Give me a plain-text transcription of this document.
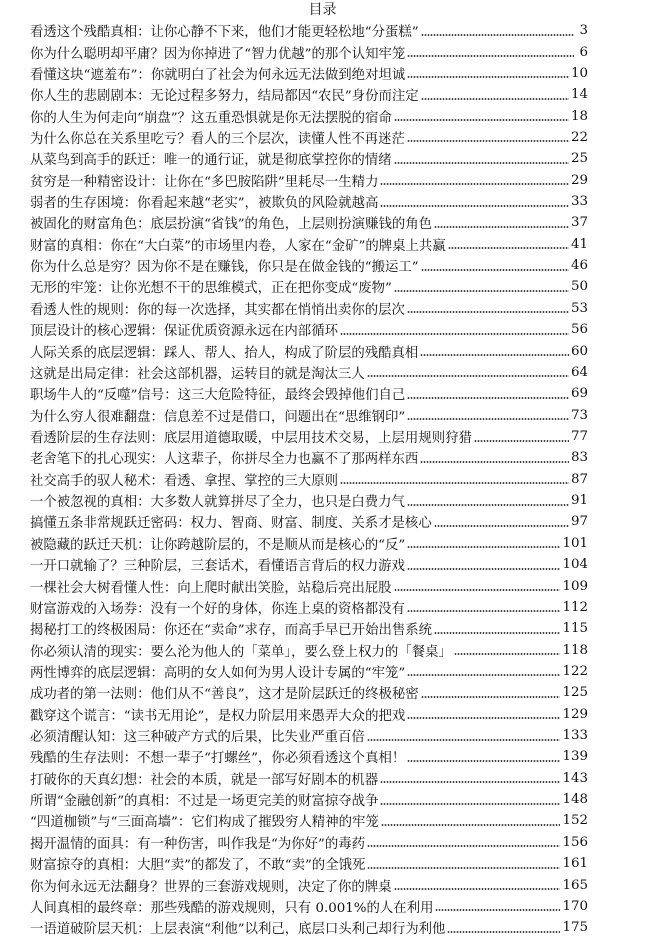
目录
看透这个残酷真相：让你心静不下来，他们才能更轻松地“分蛋糕”	3
你为什么聪明却平庸？因为你掉进了“智力优越”的那个认知牢笼	6
看懂这块“遮羞布”：你就明白了社会为何永远无法做到绝对坦诚	10
你人生的悲剧剧本：无论过程多努力，结局都因“农民”身份而注定	14
你的人生为何走向“崩盘”？这五重恐惧就是你无法摆脱的宿命	18
为什么你总在关系里吃亏？看人的三个层次，读懂人性不再迷茫	22
从菜鸟到高手的跃迁：唯一的通行证，就是彻底掌控你的情绪	25
贫穷是一种精密设计：让你在“多巴胺陷阱”里耗尽一生精力	29
弱者的生存困境：你看起来越“老实”，被欺负的风险就越高	33
被固化的财富角色：底层扮演“省钱”的角色，上层则扮演赚钱的角色	37
财富的真相：你在“大白菜”的市场里内卷，人家在“金矿”的牌桌上共赢	41
你为什么总是穷？因为你不是在赚钱，你只是在做金钱的“搬运工”	46
无形的牢笼：让你光想不干的思维模式，正在把你变成“废物”	50
看透人性的规则：你的每一次选择，其实都在悄悄出卖你的层次	53
顶层设计的核心逻辑：保证优质资源永远在内部循环	56
人际关系的底层逻辑：踩人、帮人、抬人，构成了阶层的残酷真相	60
这就是出局定律：社会这部机器，运转目的就是淘汰三人	64
职场牛人的“反噬”信号：这三大危险特征，最终会毁掉他们自己	69
为什么穷人很难翻盘：信息差不过是借口，问题出在“思维钢印”	73
看透阶层的生存法则：底层用道德取暖，中层用技术交易，上层用规则狩猎	77
老舍笔下的扎心现实：人这辈子，你拼尽全力也赢不了那两样东西	83
社交高手的驭人秘术：看透、拿捏、掌控的三大原则	87
一个被忽视的真相：大多数人就算拼尽了全力，也只是白费力气	91
搞懂五条非常规跃迁密码：权力、智商、财富、制度、关系才是核心	97
被隐藏的跃迁天机：让你跨越阶层的，不是顺从而是核心的“反”	101
一开口就输了？三种阶层，三套话术，看懂语言背后的权力游戏	104
一棵社会大树看懂人性：向上爬时献出笑脸，站稳后亮出屁股	109
财富游戏的入场券：没有一个好的身体，你连上桌的资格都没有	112
揭秘打工的终极困局：你还在“卖命”求存，而高手早已开始出售系统	115
你必须认清的现实：要么沦为他人的「菜单」，要么登上权力的「餐桌」	118
两性博弈的底层逻辑：高明的女人如何为男人设计专属的“牢笼”	122
成功者的第一法则：他们从不“善良”，这才是阶层跃迁的终极秘密	125
戳穿这个谎言：“读书无用论”，是权力阶层用来愚弄大众的把戏	129
必须清醒认知：这三种破产方式的后果，比失业严重百倍	133
残酷的生存法则：不想一辈子“打螺丝”，你必须看透这个真相！	139
打破你的天真幻想：社会的本质，就是一部写好剧本的机器	143
所谓“金融创新”的真相：不过是一场更完美的财富掠夺战争	148
“四道枷锁”与“三面高墙”：它们构成了摧毁穷人精神的牢笼	152
揭开温情的面具：有一种伤害，叫作我是“为你好”的毒药	156
财富掠夺的真相：大胆“卖”的都发了，不敢“卖”的全饿死	161
你为何永远无法翻身？世界的三套游戏规则，决定了你的牌桌	165
人间真相的最终章：那些残酷的游戏规则，只有 0.001%的人在利用	170
一语道破阶层天机：上层表演“利他”以利己，底层口头利己却行为利他	175
